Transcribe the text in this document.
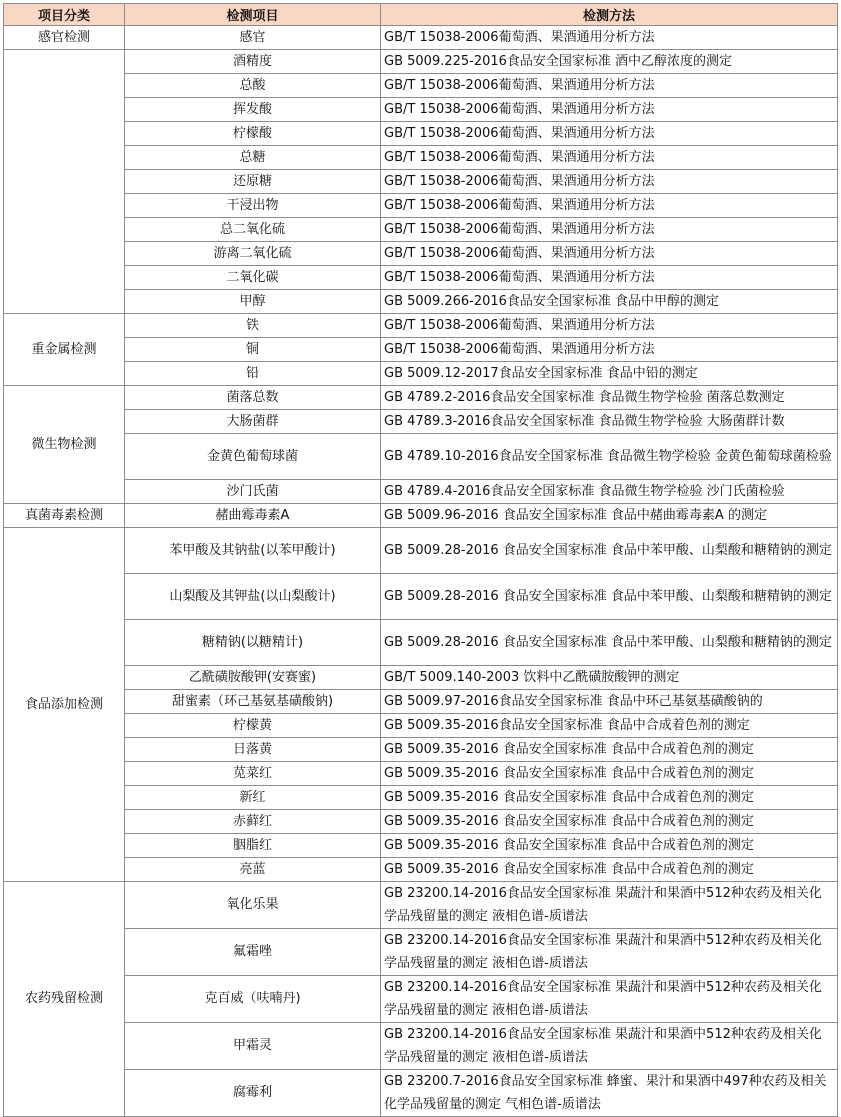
项目分类	检测项目	检测方法
感官检测	感官	GB/T 15038-2006葡萄酒、果酒通用分析方法
	酒精度	GB 5009.225-2016食品安全国家标准 酒中乙醇浓度的测定
	总酸	GB/T 15038-2006葡萄酒、果酒通用分析方法
	挥发酸	GB/T 15038-2006葡萄酒、果酒通用分析方法
	柠檬酸	GB/T 15038-2006葡萄酒、果酒通用分析方法
	总糖	GB/T 15038-2006葡萄酒、果酒通用分析方法
	还原糖	GB/T 15038-2006葡萄酒、果酒通用分析方法
	干浸出物	GB/T 15038-2006葡萄酒、果酒通用分析方法
	总二氧化硫	GB/T 15038-2006葡萄酒、果酒通用分析方法
	游离二氧化硫	GB/T 15038-2006葡萄酒、果酒通用分析方法
	二氧化碳	GB/T 15038-2006葡萄酒、果酒通用分析方法
	甲醇	GB 5009.266-2016食品安全国家标准 食品中甲醇的测定
重金属检测	铁	GB/T 15038-2006葡萄酒、果酒通用分析方法
	铜	GB/T 15038-2006葡萄酒、果酒通用分析方法
	铅	GB 5009.12-2017食品安全国家标准 食品中铅的测定
微生物检测	菌落总数	GB 4789.2-2016食品安全国家标准 食品微生物学检验 菌落总数测定
	大肠菌群	GB 4789.3-2016食品安全国家标准 食品微生物学检验 大肠菌群计数
	金黄色葡萄球菌	GB 4789.10-2016食品安全国家标准 食品微生物学检验 金黄色葡萄球菌检验
	沙门氏菌	GB 4789.4-2016食品安全国家标准 食品微生物学检验 沙门氏菌检验
真菌毒素检测	赭曲霉毒素A	GB 5009.96-2016 食品安全国家标准 食品中赭曲霉毒素A 的测定
食品添加检测	苯甲酸及其钠盐(以苯甲酸计)	GB 5009.28-2016 食品安全国家标准 食品中苯甲酸、山梨酸和糖精钠的测定
	山梨酸及其钾盐(以山梨酸计)	GB 5009.28-2016 食品安全国家标准 食品中苯甲酸、山梨酸和糖精钠的测定
	糖精钠(以糖精计)	GB 5009.28-2016 食品安全国家标准 食品中苯甲酸、山梨酸和糖精钠的测定
	乙酰磺胺酸钾(安赛蜜)	GB/T 5009.140-2003 饮料中乙酰磺胺酸钾的测定
	甜蜜素（环己基氨基磺酸钠)	GB 5009.97-2016食品安全国家标准 食品中环己基氨基磺酸钠的
	柠檬黄	GB 5009.35-2016食品安全国家标准 食品中合成着色剂的测定
	日落黄	GB 5009.35-2016 食品安全国家标准 食品中合成着色剂的测定
	苋菜红	GB 5009.35-2016 食品安全国家标准 食品中合成着色剂的测定
	新红	GB 5009.35-2016 食品安全国家标准 食品中合成着色剂的测定
	赤藓红	GB 5009.35-2016 食品安全国家标准 食品中合成着色剂的测定
	胭脂红	GB 5009.35-2016 食品安全国家标准 食品中合成着色剂的测定
	亮蓝	GB 5009.35-2016 食品安全国家标准 食品中合成着色剂的测定
农药残留检测	氧化乐果	GB 23200.14-2016食品安全国家标准 果蔬汁和果酒中512种农药及相关化学品残留量的测定 液相色谱-质谱法
	氟霜唑	GB 23200.14-2016食品安全国家标准 果蔬汁和果酒中512种农药及相关化学品残留量的测定 液相色谱-质谱法
	克百威（呋喃丹)	GB 23200.14-2016食品安全国家标准 果蔬汁和果酒中512种农药及相关化学品残留量的测定 液相色谱-质谱法
	甲霜灵	GB 23200.14-2016食品安全国家标准 果蔬汁和果酒中512种农药及相关化学品残留量的测定 液相色谱-质谱法
	腐霉利	GB 23200.7-2016食品安全国家标准 蜂蜜、果汁和果酒中497种农药及相关 化学品残留量的测定 气相色谱-质谱法
